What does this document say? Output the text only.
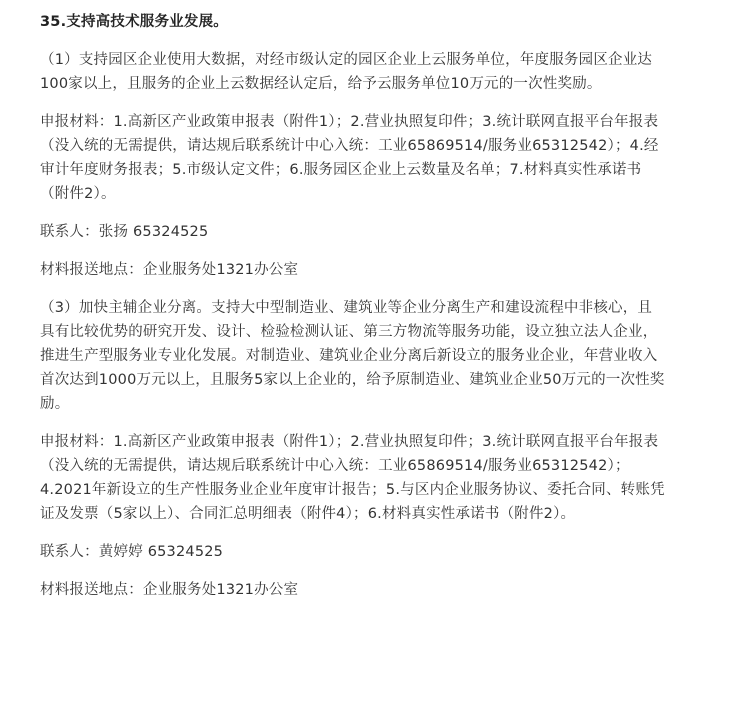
35.支持高技术服务业发展。
（1）支持园区企业使用大数据，对经市级认定的园区企业上云服务单位，年度服务园区企业达
100家以上，且服务的企业上云数据经认定后，给予云服务单位10万元的一次性奖励。
申报材料：1.高新区产业政策申报表（附件1）；2.营业执照复印件；3.统计联网直报平台年报表
（没入统的无需提供，请达规后联系统计中心入统：工业65869514/服务业65312542）；4.经
审计年度财务报表；5.市级认定文件；6.服务园区企业上云数量及名单；7.材料真实性承诺书
（附件2）。
联系人：张扬 65324525
材料报送地点：企业服务处1321办公室
（3）加快主辅企业分离。支持大中型制造业、建筑业等企业分离生产和建设流程中非核心，且
具有比较优势的研究开发、设计、检验检测认证、第三方物流等服务功能，设立独立法人企业，
推进生产型服务业专业化发展。对制造业、建筑业企业分离后新设立的服务业企业，年营业收入
首次达到1000万元以上，且服务5家以上企业的，给予原制造业、建筑业企业50万元的一次性奖
励。
申报材料：1.高新区产业政策申报表（附件1）；2.营业执照复印件；3.统计联网直报平台年报表
（没入统的无需提供，请达规后联系统计中心入统：工业65869514/服务业65312542）；
4.2021年新设立的生产性服务业企业年度审计报告；5.与区内企业服务协议、委托合同、转账凭
证及发票（5家以上）、合同汇总明细表（附件4）；6.材料真实性承诺书（附件2）。
联系人：黄婷婷 65324525
材料报送地点：企业服务处1321办公室
